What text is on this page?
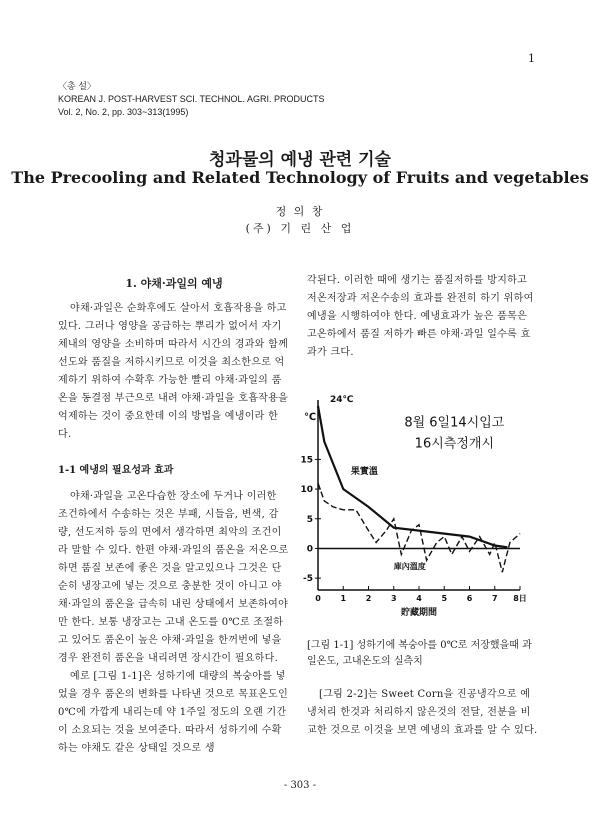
1
〈총 설〉
KOREAN J. POST-HARVEST SCI. TECHNOL. AGRI. PRODUCTS
Vol. 2, No. 2, pp. 303~313(1995)
청과물의 예냉 관련 기술
The Precooling and Related Technology of Fruits and vegetables
정 의 창
(주) 기 린 산 업
1. 야채·과일의 예냉

야채·과일은 순화후에도 살아서 호흡작용을 하고 있다. 그러나 영양을 공급하는 뿌리가 없어서 자기체내의 영양을 소비하며 따라서 시간의 경과와 함께 선도와 품질을 저하시키므로 이것을 최소한으로 억제하기 위하여 수확후 가능한 빨리 야채·과일의 품온을 동결점 부근으로 내려 야채·과일을 호흡작용을 억제하는 것이 중요한데 이의 방법을 예냉이라 한다.

1-1 예냉의 필요성과 효과

야채·과일을 고온다습한 장소에 두거나 이러한 조건하에서 수송하는 것은 부패, 시들음, 변색, 감량, 선도저하 등의 면에서 생각하면 최악의 조건이라 말할 수 있다. 한편 야채·과일의 품온을 저온으로 하면 품질 보존에 좋은 것을 알고있으나 그것은 단순히 냉장고에 넣는 것으로 충분한 것이 아니고 야채·과일의 품온을 급속히 내린 상태에서 보존하여야만 한다. 보통 냉장고는 고내 온도를 0℃로 조절하고 있어도 품온이 높은 야채·과일을 한꺼번에 넣을 경우 완전히 품온을 내리려면 장시간이 필요하다.

예로 [그림 1-1]은 성하기에 대량의 복숭아를 넣었을 경우 품온의 변화를 나타낸 것으로 목표온도인 0℃에 가깝게 내리는데 약 1주일 정도의 오랜 기간이 소요되는 것을 보여준다. 따라서 성하기에 수확하는 야채도 같은 상태일 것으로 생

각된다. 이러한 때에 생기는 품질저하를 방지하고 저온저장과 저온수송의 효과를 완전히 하기 위하여 예냉을 시행하여야 한다. 예냉효과가 높은 품목은 고온하에서 품질 저하가 빠른 야채·과일 일수록 효과가 크다.

15
10
5
0
-5
0 1 2 3 4 5 6 7 8日
℃
24℃
果實溫
庫內溫度
8월 6일14시입고
16시측정개시
貯藏期間
[그림 1-1] 성하기에 복숭아를 0℃로 저장했을때 과일온도, 고내온도의 실측치

[그림 2-2]는 Sweet Corn을 진공냉각으로 예냉처리 한것과 처리하지 않은것의 전달, 전분을 비교한 것으로 이것을 보면 예냉의 효과를 알 수 있다.

- 303 -
